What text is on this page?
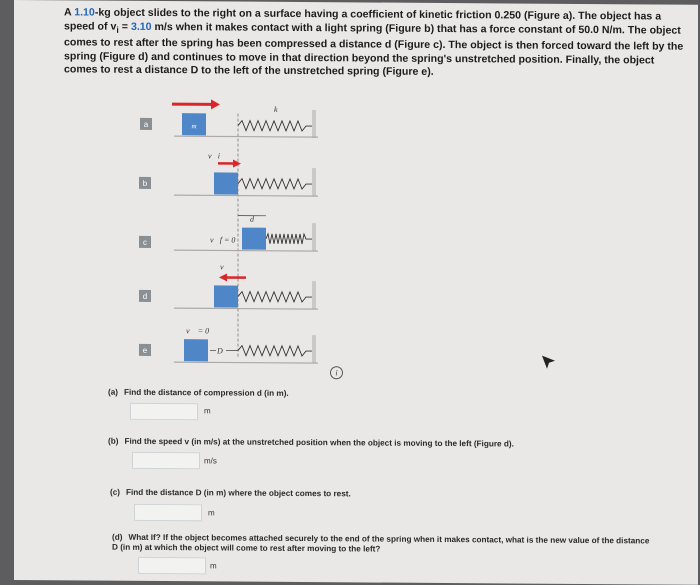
A 1.10-kg object slides to the right on a surface having a coefficient of kinetic friction 0.250 (Figure a). The object has a speed of $v_i = 3.10$ m/s when it makes contact with a light spring (Figure b) that has a force constant of 50.0 N/m. The object comes to rest after the spring has been compressed a distance d (Figure c). The object is then forced toward the left by the spring (Figure d) and continues to move in that direction beyond the spring's unstretched position. Finally, the object comes to rest a distance D to the left of the unstretched spring (Figure e).
a
b
c
d
e
m
k
v⃗i
d
v⃗f = 0
v⃗
v⃗ = 0
D
i
(a) Find the distance of compression d (in m).
m
(b) Find the speed v (in m/s) at the unstretched position when the object is moving to the left (Figure d).
m/s
(c) Find the distance D (in m) where the object comes to rest.
m
(d) What If? If the object becomes attached securely to the end of the spring when it makes contact, what is the new value of the distance D (in m) at which the object will come to rest after moving to the left?
m
